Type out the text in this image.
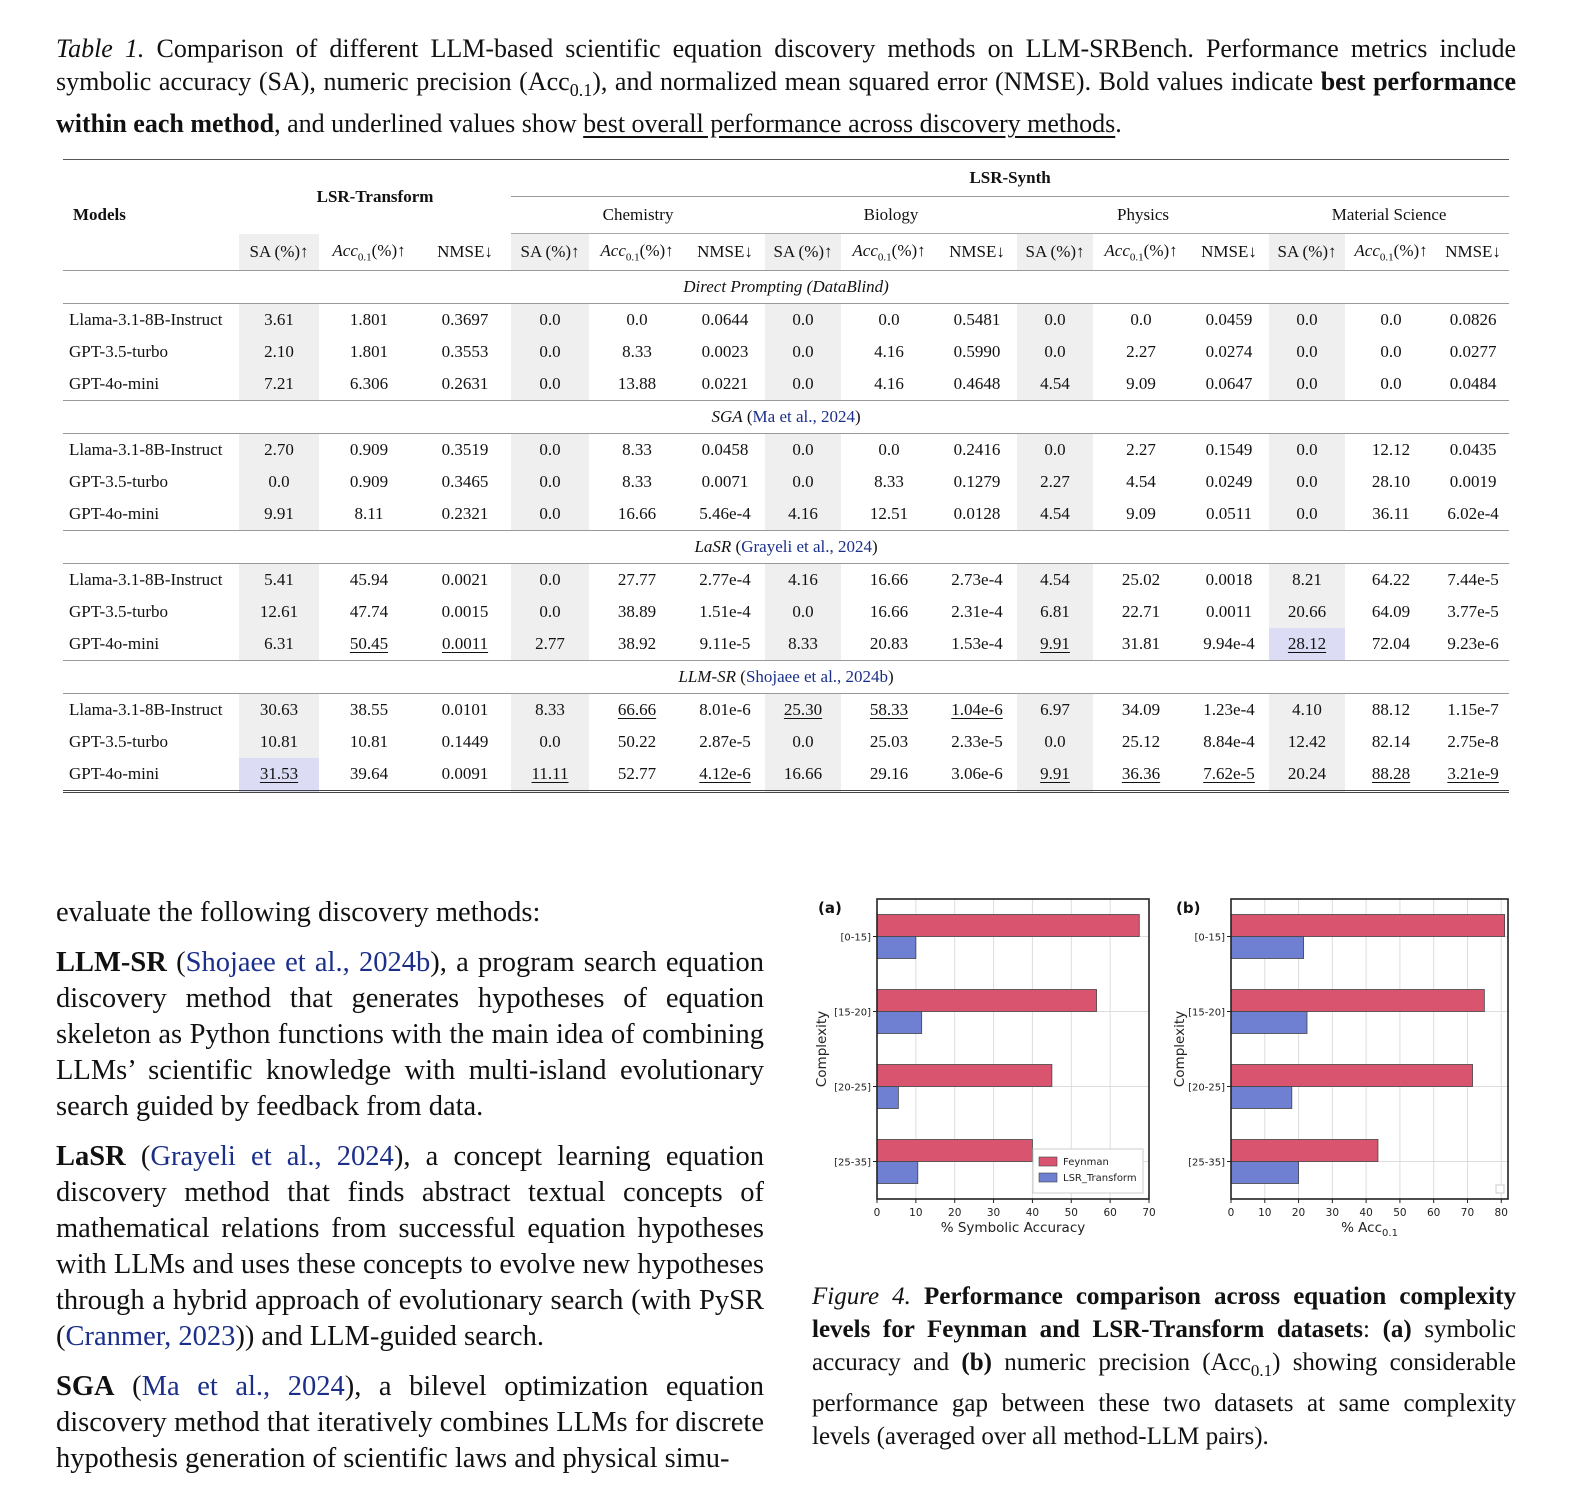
Table 1. Comparison of different LLM-based scientific equation discovery methods on LLM-SRBench. Performance metrics include symbolic accuracy (SA), numeric precision (Acc$_{0.1}$), and normalized mean squared error (NMSE). Bold values indicate best performance within each method, and underlined values show best overall performance across discovery methods.
Models	LSR-Transform			LSR-Synth											
				Chemistry			Biology			Physics			Material Science		
	SA (%)↑	Acc$_{0.1}$(%)↑	NMSE↓	SA (%)↑	Acc$_{0.1}$(%)↑	NMSE↓	SA (%)↑	Acc$_{0.1}$(%)↑	NMSE↓	SA (%)↑	Acc$_{0.1}$(%)↑	NMSE↓	SA (%)↑	Acc$_{0.1}$(%)↑	NMSE↓
Direct Prompting (DataBlind)															
Llama-3.1-8B-Instruct	3.61	1.801	0.3697	0.0	0.0	0.0644	0.0	0.0	0.5481	0.0	0.0	0.0459	0.0	0.0	0.0826
GPT-3.5-turbo	2.10	1.801	0.3553	0.0	8.33	0.0023	0.0	4.16	0.5990	0.0	2.27	0.0274	0.0	0.0	0.0277
GPT-4o-mini	7.21	6.306	0.2631	0.0	13.88	0.0221	0.0	4.16	0.4648	4.54	9.09	0.0647	0.0	0.0	0.0484
SGA (Ma et al., 2024)															
Llama-3.1-8B-Instruct	2.70	0.909	0.3519	0.0	8.33	0.0458	0.0	0.0	0.2416	0.0	2.27	0.1549	0.0	12.12	0.0435
GPT-3.5-turbo	0.0	0.909	0.3465	0.0	8.33	0.0071	0.0	8.33	0.1279	2.27	4.54	0.0249	0.0	28.10	0.0019
GPT-4o-mini	9.91	8.11	0.2321	0.0	16.66	5.46e-4	4.16	12.51	0.0128	4.54	9.09	0.0511	0.0	36.11	6.02e-4
LaSR (Grayeli et al., 2024)															
Llama-3.1-8B-Instruct	5.41	45.94	0.0021	0.0	27.77	2.77e-4	4.16	16.66	2.73e-4	4.54	25.02	0.0018	8.21	64.22	7.44e-5
GPT-3.5-turbo	12.61	47.74	0.0015	0.0	38.89	1.51e-4	0.0	16.66	2.31e-4	6.81	22.71	0.0011	20.66	64.09	3.77e-5
GPT-4o-mini	6.31	50.45	0.0011	2.77	38.92	9.11e-5	8.33	20.83	1.53e-4	9.91	31.81	9.94e-4	28.12	72.04	9.23e-6
LLM-SR (Shojaee et al., 2024b)															
Llama-3.1-8B-Instruct	30.63	38.55	0.0101	8.33	66.66	8.01e-6	25.30	58.33	1.04e-6	6.97	34.09	1.23e-4	4.10	88.12	1.15e-7
GPT-3.5-turbo	10.81	10.81	0.1449	0.0	50.22	2.87e-5	0.0	25.03	2.33e-5	0.0	25.12	8.84e-4	12.42	82.14	2.75e-8
GPT-4o-mini	31.53	39.64	0.0091	11.11	52.77	4.12e-6	16.66	29.16	3.06e-6	9.91	36.36	7.62e-5	20.24	88.28	3.21e-9

evaluate the following discovery methods:

LLM-SR (Shojaee et al., 2024b), a program search equation discovery method that generates hypotheses of equation skeleton as Python functions with the main idea of combining LLMs’ scientific knowledge with multi-island evolutionary search guided by feedback from data.

LaSR (Grayeli et al., 2024), a concept learning equation discovery method that finds abstract textual concepts of mathematical relations from successful equation hypotheses with LLMs and uses these concepts to evolve new hypotheses through a hybrid approach of evolutionary search (with PySR (Cranmer, 2023)) and LLM-guided search.

SGA (Ma et al., 2024), a bilevel optimization equation discovery method that iteratively combines LLMs for discrete hypothesis generation of scientific laws and physical simu-

[0-15]
[15-20]
[20-25]
[25-35]
0	10 20 30 40 50 60 70
% Symbolic Accuracy
Complexity
(a)
Feynman
LSR_Transform
[0-15]
[15-20]
[20-25]
[25-35]
0 10 20 30 40 50 60 70 80
% Acc$_{0.1}$
Complexity
(b)
Figure 4. Performance comparison across equation complexity levels for Feynman and LSR-Transform datasets: (a) symbolic accuracy and (b) numeric precision (Acc$_{0.1}$) showing considerable performance gap between these two datasets at same complexity levels (averaged over all method-LLM pairs).
